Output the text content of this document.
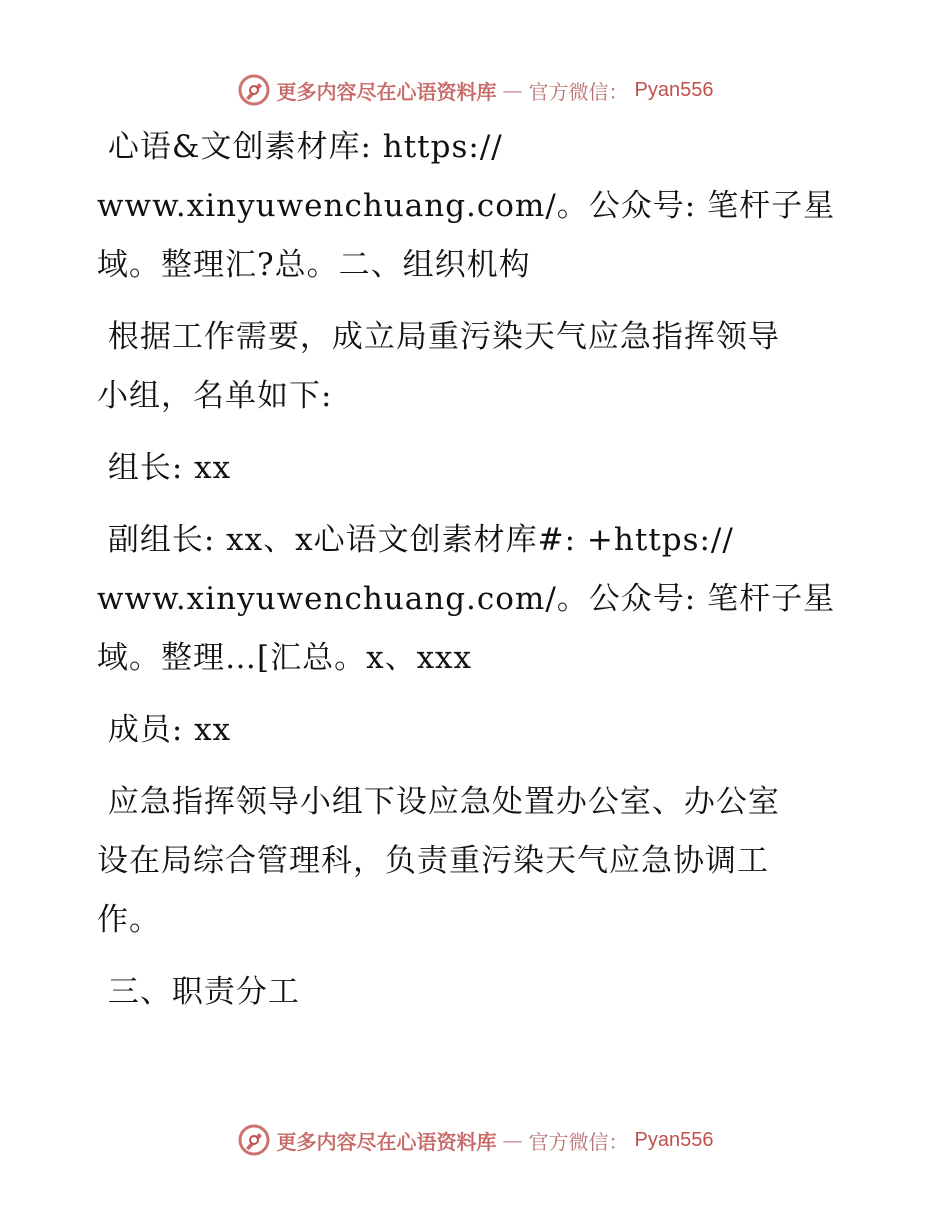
更多内容尽在心语资料库 — 官方微信： Pyan556

心语&文创素材库: https://
www.xinyuwenchuang.com/。公众号: 笔杆子星
域。整理汇?总。二、组织机构

根据工作需要，成立局重污染天气应急指挥领导
小组，名单如下:

组长: xx

副组长: xx、x心语文创素材库#: +https://
www.xinyuwenchuang.com/。公众号: 笔杆子星
域。整理…[汇总。x、xxx

成员: xx

应急指挥领导小组下设应急处置办公室、办公室
设在局综合管理科，负责重污染天气应急协调工
作。

三、职责分工

更多内容尽在心语资料库 — 官方微信： Pyan556
